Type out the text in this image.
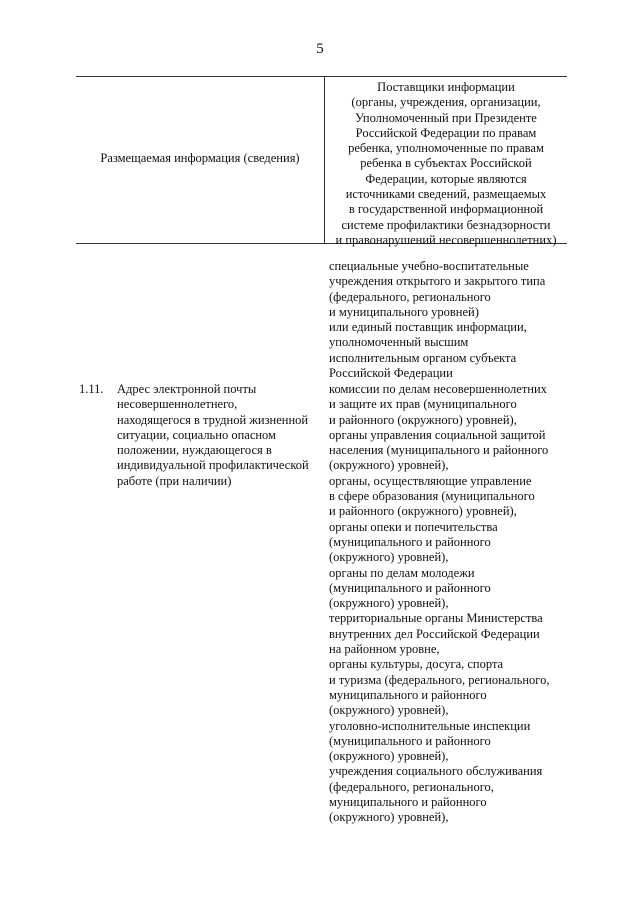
5
Размещаемая информация (сведения)
Поставщики информации
(органы, учреждения, организации,
Уполномоченный при Президенте
Российской Федерации по правам
ребенка, уполномоченные по правам
ребенка в субъектах Российской
Федерации, которые являются
источниками сведений, размещаемых
в государственной информационной
системе профилактики безнадзорности
и правонарушений несовершеннолетних)
специальные учебно-воспитательные
учреждения открытого и закрытого типа
(федерального, регионального
и муниципального уровней)
или единый поставщик информации,
уполномоченный высшим
исполнительным органом субъекта
Российской Федерации
1.11. Адрес электронной почты
несовершеннолетнего,
находящегося в трудной жизненной
ситуации, социально опасном
положении, нуждающегося в
индивидуальной профилактической
работе (при наличии)
комиссии по делам несовершеннолетних
и защите их прав (муниципального
и районного (окружного) уровней),
органы управления социальной защитой
населения (муниципального и районного
(окружного) уровней),
органы, осуществляющие управление
в сфере образования (муниципального
и районного (окружного) уровней),
органы опеки и попечительства
(муниципального и районного
(окружного) уровней),
органы по делам молодежи
(муниципального и районного
(окружного) уровней),
территориальные органы Министерства
внутренних дел Российской Федерации
на районном уровне,
органы культуры, досуга, спорта
и туризма (федерального, регионального,
муниципального и районного
(окружного) уровней),
уголовно-исполнительные инспекции
(муниципального и районного
(окружного) уровней),
учреждения социального обслуживания
(федерального, регионального,
муниципального и районного
(окружного) уровней),
